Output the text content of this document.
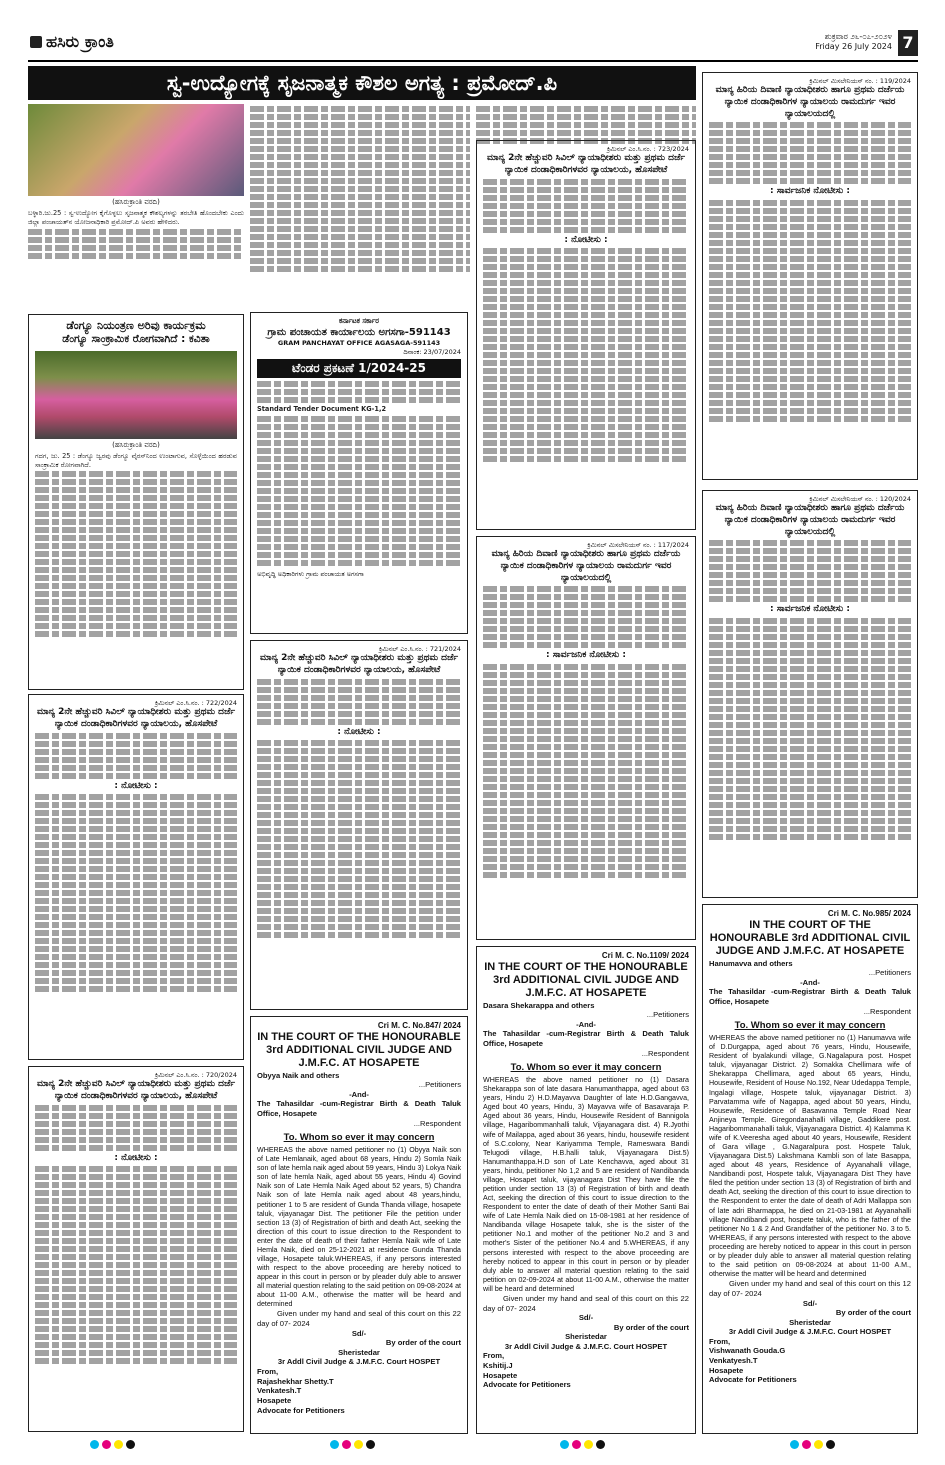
ಹಸಿರು ಕ್ರಾಂತಿ	ಶುಕ್ರವಾರ ೨೬-೦೭-೨೦೨೪
Friday 26 July 2024 7
ಸ್ವ-ಉದ್ಯೋಗಕ್ಕೆ ಸೃಜನಾತ್ಮಕ ಕೌಶಲ ಅಗತ್ಯ : ಪ್ರಮೋದ್.ಪಿ
(ಹಸಿರುಕ್ರಾಂತಿ ವರದಿ)
ಬಳ್ಳಾರಿ.ಜು.25 : ಸ್ವ-ಉದ್ಯೋಗ ಕೈಗೊಳ್ಳಲು ಸೃಜನಾತ್ಮಕ ಕೌಶಲ್ಯಗಳನ್ನು ತರಬೇತಿ ಹೊಂದಬೇಕು ಎಂದು ಜಿಲ್ಲಾ ಪಂಚಾಯತ್‌ನ ಯೋಜನಾಧಿಕಾರಿ ಪ್ರಮೋದ್.ಪಿ ಅವರು ಹೇಳಿದರು.
ಡೆಂಗ್ಯೂ ನಿಯಂತ್ರಣ ಅರಿವು ಕಾರ್ಯಕ್ರಮ
ಡೆಂಗ್ಯೂ ಸಾಂಕ್ರಾಮಿಕ ರೋಗವಾಗಿದೆ : ಕವಿತಾ
(ಹಸಿರುಕ್ರಾಂತಿ ವರದಿ)
ಗದಗ, ಜು. 25 : ಡೆಂಗ್ಯೂ ಜ್ವರವು ಡೆಂಗ್ಯೂ ವೈರಸ್‌ನಿಂದ ಉಂಟಾಗುವ, ಸೊಳ್ಳೆಯಿಂದ ಹರಡುವ ಸಾಂಕ್ರಾಮಿಕ ರೋಗವಾಗಿದೆ.
ಕ್ರಿಮಿನಲ್ ಎಂ.ಸಿ.ನಂ. : 722/2024
ಮಾನ್ಯ 2ನೇ ಹೆಚ್ಚುವರಿ ಸಿವಿಲ್ ನ್ಯಾಯಾಧೀಶರು ಮತ್ತು ಪ್ರಥಮ ದರ್ಜೆ ನ್ಯಾಯಿಕ ದಂಡಾಧಿಕಾರಿಗಳವರ ನ್ಯಾಯಾಲಯ, ಹೊಸಪೇಟೆ
: ನೋಟೀಸು :
ಕ್ರಿಮಿನಲ್ ಎಂ.ಸಿ.ನಂ. : 720/2024
ಮಾನ್ಯ 2ನೇ ಹೆಚ್ಚುವರಿ ಸಿವಿಲ್ ನ್ಯಾಯಾಧೀಶರು ಮತ್ತು ಪ್ರಥಮ ದರ್ಜೆ ನ್ಯಾಯಿಕ ದಂಡಾಧಿಕಾರಿಗಳವರ ನ್ಯಾಯಾಲಯ, ಹೊಸಪೇಟೆ
: ನೋಟೀಸು :
ಕರ್ನಾಟಕ ಸರ್ಕಾರ
ಗ್ರಾಮ ಪಂಚಾಯತ ಕಾರ್ಯಾಲಯ ಅಗಸಗಾ-591143
GRAM PANCHAYAT OFFICE AGASAGA-591143
ದಿನಾಂಕ: 23/07/2024
ಟೆಂಡರ ಪ್ರಕಟಣೆ 1/2024-25
Standard Tender Document KG-1,2
ಅಭಿವೃದ್ಧಿ ಅಧಿಕಾರಿಗಳು ಗ್ರಾಮ ಪಂಚಾಯತ ಅಗಸಗಾ
ಕ್ರಿಮಿನಲ್ ಎಂ.ಸಿ.ನಂ. : 721/2024
ಮಾನ್ಯ 2ನೇ ಹೆಚ್ಚುವರಿ ಸಿವಿಲ್ ನ್ಯಾಯಾಧೀಶರು ಮತ್ತು ಪ್ರಥಮ ದರ್ಜೆ ನ್ಯಾಯಿಕ ದಂಡಾಧಿಕಾರಿಗಳವರ ನ್ಯಾಯಾಲಯ, ಹೊಸಪೇಟೆ
: ನೋಟೀಸು :
Cri M. C. No.847/ 2024
IN THE COURT OF THE HONOURABLE 3rd ADDITIONAL CIVIL JUDGE AND J.M.F.C. AT HOSAPETE
Obyya Naik and others
...Petitioners
-And-
The Tahasildar -cum-Registrar Birth & Death Taluk Office, Hosapete
...Respondent
To. Whom so ever it may concern
WHEREAS the above named petitioner no (1) Obyya Naik son of Late Hemlanaik, aged about 68 years, Hindu 2) Somla Naik son of late hemla naik aged about 59 years, Hindu 3) Lokya Naik son of late hemla Naik, aged about 55 years, Hindu 4) Govind Naik son of Late Hemla Naik Aged about 52 years, 5) Chandra Naik son of late Hemla naik aged about 48 years,hindu, petitioner 1 to 5 are resident of Gunda Thanda village, hosapete taluk, vijayanagar Dist. The petitioner File the petition under section 13 (3) of Registration of birth and death Act, seeking the direction of this court to issue direction to the Respondent to enter the date of death of their father Hemla Naik wife of Late Hemla Naik, died on 25-12-2021 at residence Gunda Thanda village, Hosapete taluk.WHEREAS, if any persons interested with respect to the above proceeding are hereby noticed to appear in this court in person or by pleader duly able to answer all material question relating to the said petition on 09-08-2024 at about 11-00 A.M., otherwise the matter will be heard and determined
Given under my hand and seal of this court on this 22 day of 07- 2024
Sd/-
By order of the court
Sheristedar
3r Addl Civil Judge & J.M.F.C. Court HOSPET
From,
Rajashekhar Shetty.T
Venkatesh.T
Hosapete
Advocate for Petitioners
ಕ್ರಿಮಿನಲ್ ಎಂ.ಸಿ.ನಂ. : 723/2024
ಮಾನ್ಯ 2ನೇ ಹೆಚ್ಚುವರಿ ಸಿವಿಲ್ ನ್ಯಾಯಾಧೀಶರು ಮತ್ತು ಪ್ರಥಮ ದರ್ಜೆ ನ್ಯಾಯಿಕ ದಂಡಾಧಿಕಾರಿಗಳವರ ನ್ಯಾಯಾಲಯ, ಹೊಸಪೇಟೆ
: ನೋಟೀಸು :
ಕ್ರಿಮಿನಲ್ ಮಿಸಲೇನಿಯಸ್ ನಂ. : 117/2024
ಮಾನ್ಯ ಹಿರಿಯ ದಿವಾಣಿ ನ್ಯಾಯಾಧೀಶರು ಹಾಗೂ ಪ್ರಥಮ ದರ್ಜೆಯ ನ್ಯಾಯಿಕ ದಂಡಾಧಿಕಾರಿಗಳ ನ್ಯಾಯಾಲಯ ರಾಮದುರ್ಗ ಇವರ ನ್ಯಾಯಾಲಯದಲ್ಲಿ
: ಸಾರ್ವಜನಿಕ ನೋಟೀಸು :
Cri M. C. No.1109/ 2024
IN THE COURT OF THE HONOURABLE 3rd ADDITIONAL CIVIL JUDGE AND J.M.F.C. AT HOSAPETE
Dasara Shekarappa and others
...Petitioners
-And-
The Tahasildar -cum-Registrar Birth & Death Taluk Office, Hosapete
...Respondent
To. Whom so ever it may concern
WHEREAS the above named petitioner no (1) Dasara Shekarappa son of late dasara Hanumanthappa, aged about 63 years, Hindu 2) H.D.Mayavva Daughter of late H.D.Gangavva, Aged bout 40 years, Hindu, 3) Mayavva wife of Basavaraja P. Aged about 36 years, Hindu, Housewife Resident of Bannigola village, Hagaribommanhalli taluk, Vijayanagara dist. 4) R.Jyothi wife of Mailappa, aged about 36 years, hindu, housewife resident of S.C.colony, Near Kariyamma Temple, Rameswara Bandi Telugodi village, H.B.halli taluk, Vijayanagara Dist.5) Hanumanthappa.H.D son of Late Kenchavva, aged about 31 years, hindu, petitioner No 1,2 and 5 are resident of Nandibanda village, Hosapet taluk, vijayanagara Dist They have file the petition under section 13 (3) of Registration of birth and death Act, seeking the direction of this court to issue direction to the Respondent to enter the date of death of their Mother Santi Bai wife of Late Hemla Naik died on 15-08-1981 at her residence of Nandibanda village Hosapete taluk, she is the sister of the petitioner No.1 and mother of the petitioner No.2 and 3 and mother's Sister of the petitioner No.4 and 5.WHEREAS, if any persons interested with respect to the above proceeding are hereby noticed to appear in this court in person or by pleader duly able to answer all material question relating to the said petition on 02-09-2024 at about 11-00 A.M., otherwise the matter will be heard and determined
Given under my hand and seal of this court on this 22 day of 07- 2024
Sd/-
By order of the court
Sheristedar
3r Addl Civil Judge & J.M.F.C. Court HOSPET
From,
Kshitij.J
Hosapete
Advocate for Petitioners
ಕ್ರಿಮಿನಲ್ ಮಿಸಲೇನಿಯಸ್ ನಂ. : 119/2024
ಮಾನ್ಯ ಹಿರಿಯ ದಿವಾಣಿ ನ್ಯಾಯಾಧೀಶರು ಹಾಗೂ ಪ್ರಥಮ ದರ್ಜೆಯ ನ್ಯಾಯಿಕ ದಂಡಾಧಿಕಾರಿಗಳ ನ್ಯಾಯಾಲಯ ರಾಮದುರ್ಗ ಇವರ ನ್ಯಾಯಾಲಯದಲ್ಲಿ
: ಸಾರ್ವಜನಿಕ ನೋಟೀಸು :
ಕ್ರಿಮಿನಲ್ ಮಿಸಲೇನಿಯಸ್ ನಂ. : 120/2024
ಮಾನ್ಯ ಹಿರಿಯ ದಿವಾಣಿ ನ್ಯಾಯಾಧೀಶರು ಹಾಗೂ ಪ್ರಥಮ ದರ್ಜೆಯ ನ್ಯಾಯಿಕ ದಂಡಾಧಿಕಾರಿಗಳ ನ್ಯಾಯಾಲಯ ರಾಮದುರ್ಗ ಇವರ ನ್ಯಾಯಾಲಯದಲ್ಲಿ
: ಸಾರ್ವಜನಿಕ ನೋಟೀಸು :
Cri M. C. No.985/ 2024
IN THE COURT OF THE HONOURABLE 3rd ADDITIONAL CIVIL JUDGE AND J.M.F.C. AT HOSAPETE
Hanumavva and others
...Petitioners
-And-
The Tahasildar -cum-Registrar Birth & Death Taluk Office, Hosapete
...Respondent
To. Whom so ever it may concern
WHEREAS the above named petitioner no (1) Hanumavva wife of D.Durgappa, aged about 76 years, Hindu, Housewife, Resident of byalakundi village, G.Nagalapura post. Hospet taluk, vijayanagar District. 2) Somakka Chellimara wife of Shekarappa Chellimara, aged about 65 years, Hindu, Housewife, Resident of House No.192, Near Udedappa Temple, Ingalagi village, Hospete taluk, vijayanagar District. 3) Parvatamma wife of Nagappa, aged about 50 years, Hindu, Housewife, Residence of Basavanna Temple Road Near Anjineya Temple. Giregondanahalli village, Gaddikere post. Hagaribommanahalli taluk, Vijayanagara District. 4) Kalamma K wife of K.Veeresha aged about 40 years, Housewife, Resident of Gara village , G.Nagaralpura post. Hospete Taluk, Vijayanagara Dist.5) Lakshmana Kambli son of late Basappa, aged about 48 years, Residence of Ayyanahalli village, Nandibandi post, Hospete taluk, Vijayanagara Dist They have filed the petition under section 13 (3) of Registration of birth and death Act, seeking the direction of this court to issue direction to the Respondent to enter the date of death of Adri Mallappa son of late adri Bharmappa, he died on 21-03-1981 at Ayyanahalli village Nandibandi post, hospete taluk, who is the father of the petitioner No 1 & 2 And Grandfather of the petitioner No. 3 to 5. WHEREAS, if any persons interested with respect to the above proceeding are hereby noticed to appear in this court in person or by pleader duly able to answer all material question relating to the said petition on 09-08-2024 at about 11-00 A.M., otherwise the matter will be heard and determined
Given under my hand and seal of this court on this 12 day of 07- 2024
Sd/-
By order of the court
Sheristedar
3r Addl Civil Judge & J.M.F.C. Court HOSPET
From,
Vishwanath Gouda.G
Venkatyesh.T
Hosapete
Advocate for Petitioners
